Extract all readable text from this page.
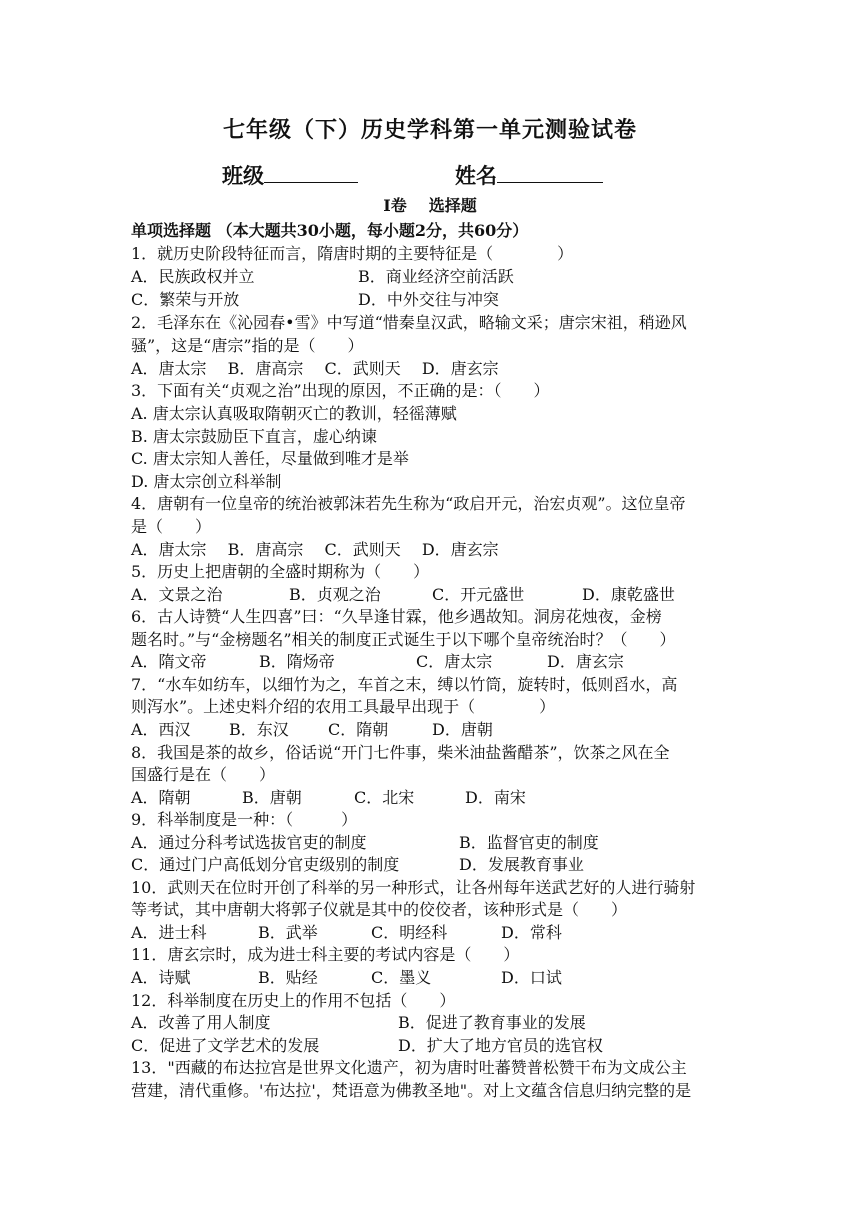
七年级（下）历史学科第一单元测验试卷
班级	姓名
Ⅰ卷 选择题
单项选择题 （本大题共30小题，每小题2分，共60分）
1．就历史阶段特征而言，隋唐时期的主要特征是（　　　　）
A．民族政权并立	B．商业经济空前活跃
C．繁荣与开放	D．中外交往与冲突
2．毛泽东在《沁园春•雪》中写道“惜秦皇汉武，略输文采；唐宗宋祖，稍逊风
骚”，这是“唐宗”指的是（　　）
A．唐太宗　 B．唐高宗　 C．武则天　 D．唐玄宗
3．下面有关“贞观之治”出现的原因，不正确的是：（　　）
A. 唐太宗认真吸取隋朝灭亡的教训，轻徭薄赋
B. 唐太宗鼓励臣下直言，虚心纳谏
C. 唐太宗知人善任，尽量做到唯才是举
D. 唐太宗创立科举制
4．唐朝有一位皇帝的统治被郭沫若先生称为“政启开元，治宏贞观”。这位皇帝
是（　　）
A．唐太宗　 B．唐高宗　 C．武则天　 D．唐玄宗
5．历史上把唐朝的全盛时期称为（　　）
A．文景之治	B．贞观之治	C．开元盛世	D．康乾盛世
6．古人诗赞“人生四喜”曰：“久旱逢甘霖，他乡遇故知。洞房花烛夜，金榜
题名时。”与“金榜题名”相关的制度正式诞生于以下哪个皇帝统治时？（　　）
A．隋文帝	B．隋炀帝	C．唐太宗	D．唐玄宗
7．“水车如纺车，以细竹为之，车首之末，缚以竹筒，旋转时，低则舀水，高
则泻水”。上述史料介绍的农用工具最早出现于（　　　　）
A．西汉 B．东汉 C．隋朝	D．唐朝
8．我国是茶的故乡，俗话说“开门七件事，柴米油盐酱醋茶”，饮茶之风在全
国盛行是在（　　）
A．隋朝	B．唐朝	C．北宋	D．南宋
9．科举制度是一种：（　　　）
A．通过分科考试选拔官吏的制度	B．监督官吏的制度
C．通过门户高低划分官吏级别的制度	D．发展教育事业
10．武则天在位时开创了科举的另一种形式，让各州每年送武艺好的人进行骑射
等考试，其中唐朝大将郭子仪就是其中的佼佼者，该种形式是（　　）
A．进士科	B．武举	C．明经科	D．常科
11．唐玄宗时，成为进士科主要的考试内容是（　　）
A．诗赋	B．贴经	C．墨义	D．口试
12．科举制度在历史上的作用不包括（　　）
A．改善了用人制度	B．促进了教育事业的发展
C．促进了文学艺术的发展	D．扩大了地方官员的选官权
13．"西藏的布达拉宫是世界文化遗产，初为唐时吐蕃赞普松赞干布为文成公主
营建，清代重修。'布达拉'，梵语意为佛教圣地"。对上文蕴含信息归纳完整的是
